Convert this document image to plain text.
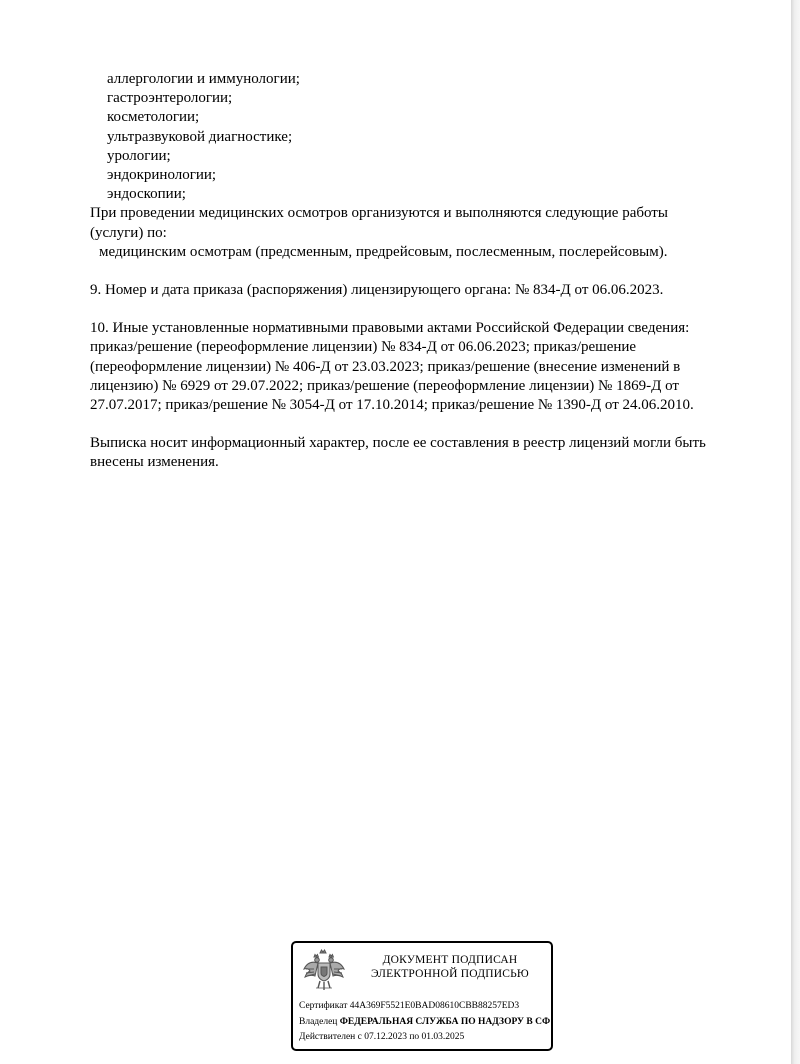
аллергологии и иммунологии;
гастроэнтерологии;
косметологии;
ультразвуковой диагностике;
урологии;
эндокринологии;
эндоскопии;
При проведении медицинских осмотров организуются и выполняются следующие работы
(услуги) по:
медицинским осмотрам (предсменным, предрейсовым, послесменным, послерейсовым).
9. Номер и дата приказа (распоряжения) лицензирующего органа: № 834-Д от 06.06.2023.
10. Иные установленные нормативными правовыми актами Российской Федерации сведения:
приказ/решение (переоформление лицензии) № 834-Д от 06.06.2023; приказ/решение
(переоформление лицензии) № 406-Д от 23.03.2023; приказ/решение (внесение изменений в
лицензию) № 6929 от 29.07.2022; приказ/решение (переоформление лицензии) № 1869-Д от
27.07.2017; приказ/решение № 3054-Д от 17.10.2014; приказ/решение № 1390-Д от 24.06.2010.
Выписка носит информационный характер, после ее составления в реестр лицензий могли быть
внесены изменения.
ДОКУМЕНТ ПОДПИСАН
ЭЛЕКТРОННОЙ ПОДПИСЬЮ
Сертификат 44A369F5521E0BAD08610CBB88257ED3
Владелец ФЕДЕРАЛЬНАЯ СЛУЖБА ПО НАДЗОРУ В СФ
Действителен с 07.12.2023 по 01.03.2025
